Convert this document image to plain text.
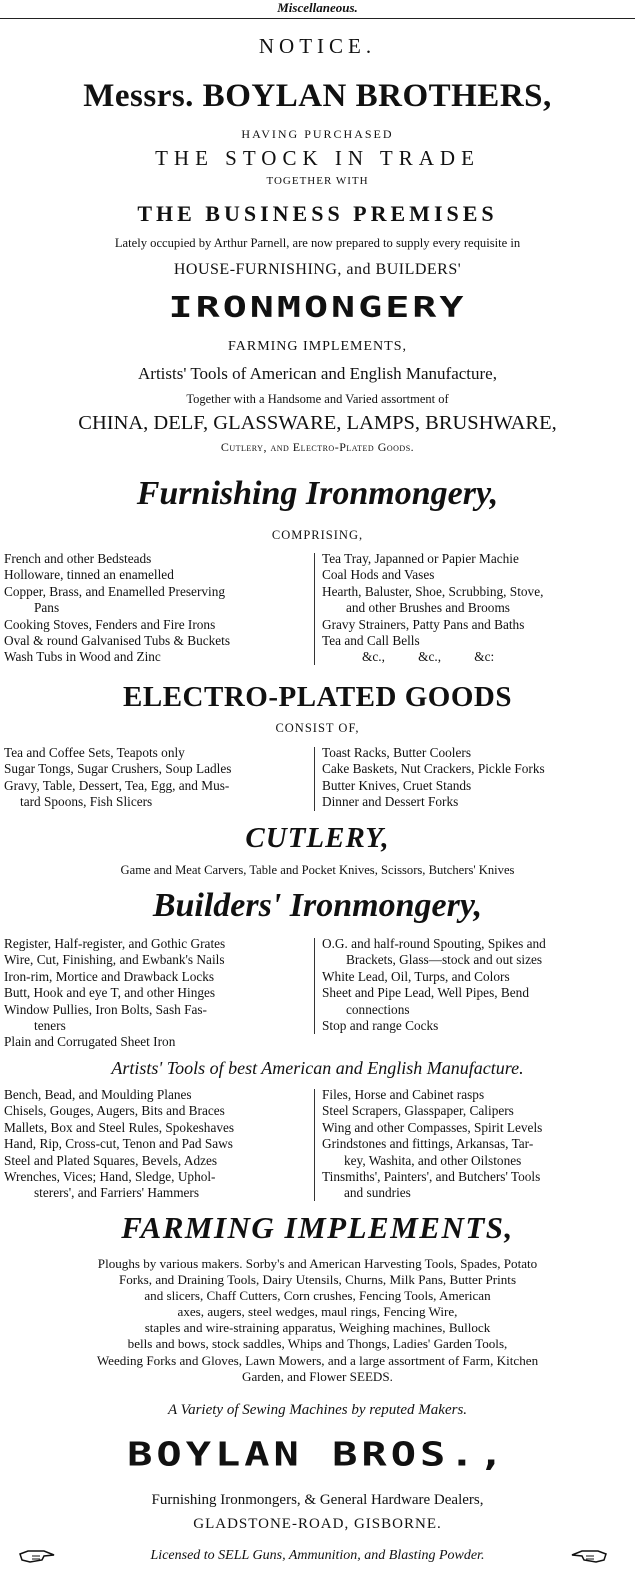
Miscellaneous.
NOTICE.
Messrs. BOYLAN BROTHERS,
HAVING PURCHASED
THE STOCK IN TRADE
TOGETHER WITH
THE BUSINESS PREMISES
Lately occupied by Arthur Parnell, are now prepared to supply every requisite in
HOUSE-FURNISHING, and BUILDERS'
IRONMONGERY
FARMING IMPLEMENTS,
Artists' Tools of American and English Manufacture,
Together with a Handsome and Varied assortment of
CHINA, DELF, GLASSWARE, LAMPS, BRUSHWARE,
Cutlery, and Electro-Plated Goods.
Furnishing Ironmongery,
COMPRISING,
French and other Bedsteads
Holloware, tinned an enamelled
Copper, Brass, and Enamelled Preserving
Pans
Cooking Stoves, Fenders and Fire Irons
Oval & round Galvanised Tubs & Buckets
Wash Tubs in Wood and Zinc
Tea Tray, Japanned or Papier Machie
Coal Hods and Vases
Hearth, Baluster, Shoe, Scrubbing, Stove,
and other Brushes and Brooms
Gravy Strainers, Patty Pans and Baths
Tea and Call Bells
&c.,          &c.,          &c:
ELECTRO-PLATED GOODS
CONSIST OF,
Tea and Coffee Sets, Teapots only
Sugar Tongs, Sugar Crushers, Soup Ladles
Gravy, Table, Dessert, Tea, Egg, and Mus-
tard Spoons, Fish Slicers
Toast Racks, Butter Coolers
Cake Baskets, Nut Crackers, Pickle Forks
Butter Knives, Cruet Stands
Dinner and Dessert Forks
CUTLERY,
Game and Meat Carvers, Table and Pocket Knives, Scissors, Butchers' Knives
Builders' Ironmongery,
Register, Half-register, and Gothic Grates
Wire, Cut, Finishing, and Ewbank's Nails
Iron-rim, Mortice and Drawback Locks
Butt, Hook and eye T, and other Hinges
Window Pullies, Iron Bolts, Sash Fas-
teners
Plain and Corrugated Sheet Iron
O.G. and half-round Spouting, Spikes and
Brackets, Glass—stock and out sizes
White Lead, Oil, Turps, and Colors
Sheet and Pipe Lead, Well Pipes, Bend
connections
Stop and range Cocks
Artists' Tools of best American and English Manufacture.
Bench, Bead, and Moulding Planes
Chisels, Gouges, Augers, Bits and Braces
Mallets, Box and Steel Rules, Spokeshaves
Hand, Rip, Cross-cut, Tenon and Pad Saws
Steel and Plated Squares, Bevels, Adzes
Wrenches, Vices; Hand, Sledge, Uphol-
sterers', and Farriers' Hammers
Files, Horse and Cabinet rasps
Steel Scrapers, Glasspaper, Calipers
Wing and other Compasses, Spirit Levels
Grindstones and fittings, Arkansas, Tar-
key, Washita, and other Oilstones
Tinsmiths', Painters', and Butchers' Tools
and sundries
FARMING IMPLEMENTS,
Ploughs by various makers. Sorby's and American Harvesting Tools, Spades, Potato
Forks, and Draining Tools, Dairy Utensils, Churns, Milk Pans, Butter Prints
and slicers, Chaff Cutters, Corn crushes, Fencing Tools, American
axes, augers, steel wedges, maul rings, Fencing Wire,
staples and wire-straining apparatus, Weighing machines, Bullock
bells and bows, stock saddles, Whips and Thongs, Ladies' Garden Tools,
Weeding Forks and Gloves, Lawn Mowers, and a large assortment of Farm, Kitchen
Garden, and Flower SEEDS.
A Variety of Sewing Machines by reputed Makers.
BOYLAN BROS.,
Furnishing Ironmongers, & General Hardware Dealers,
GLADSTONE-ROAD, GISBORNE.
Licensed to SELL Guns, Ammunition, and Blasting Powder.
